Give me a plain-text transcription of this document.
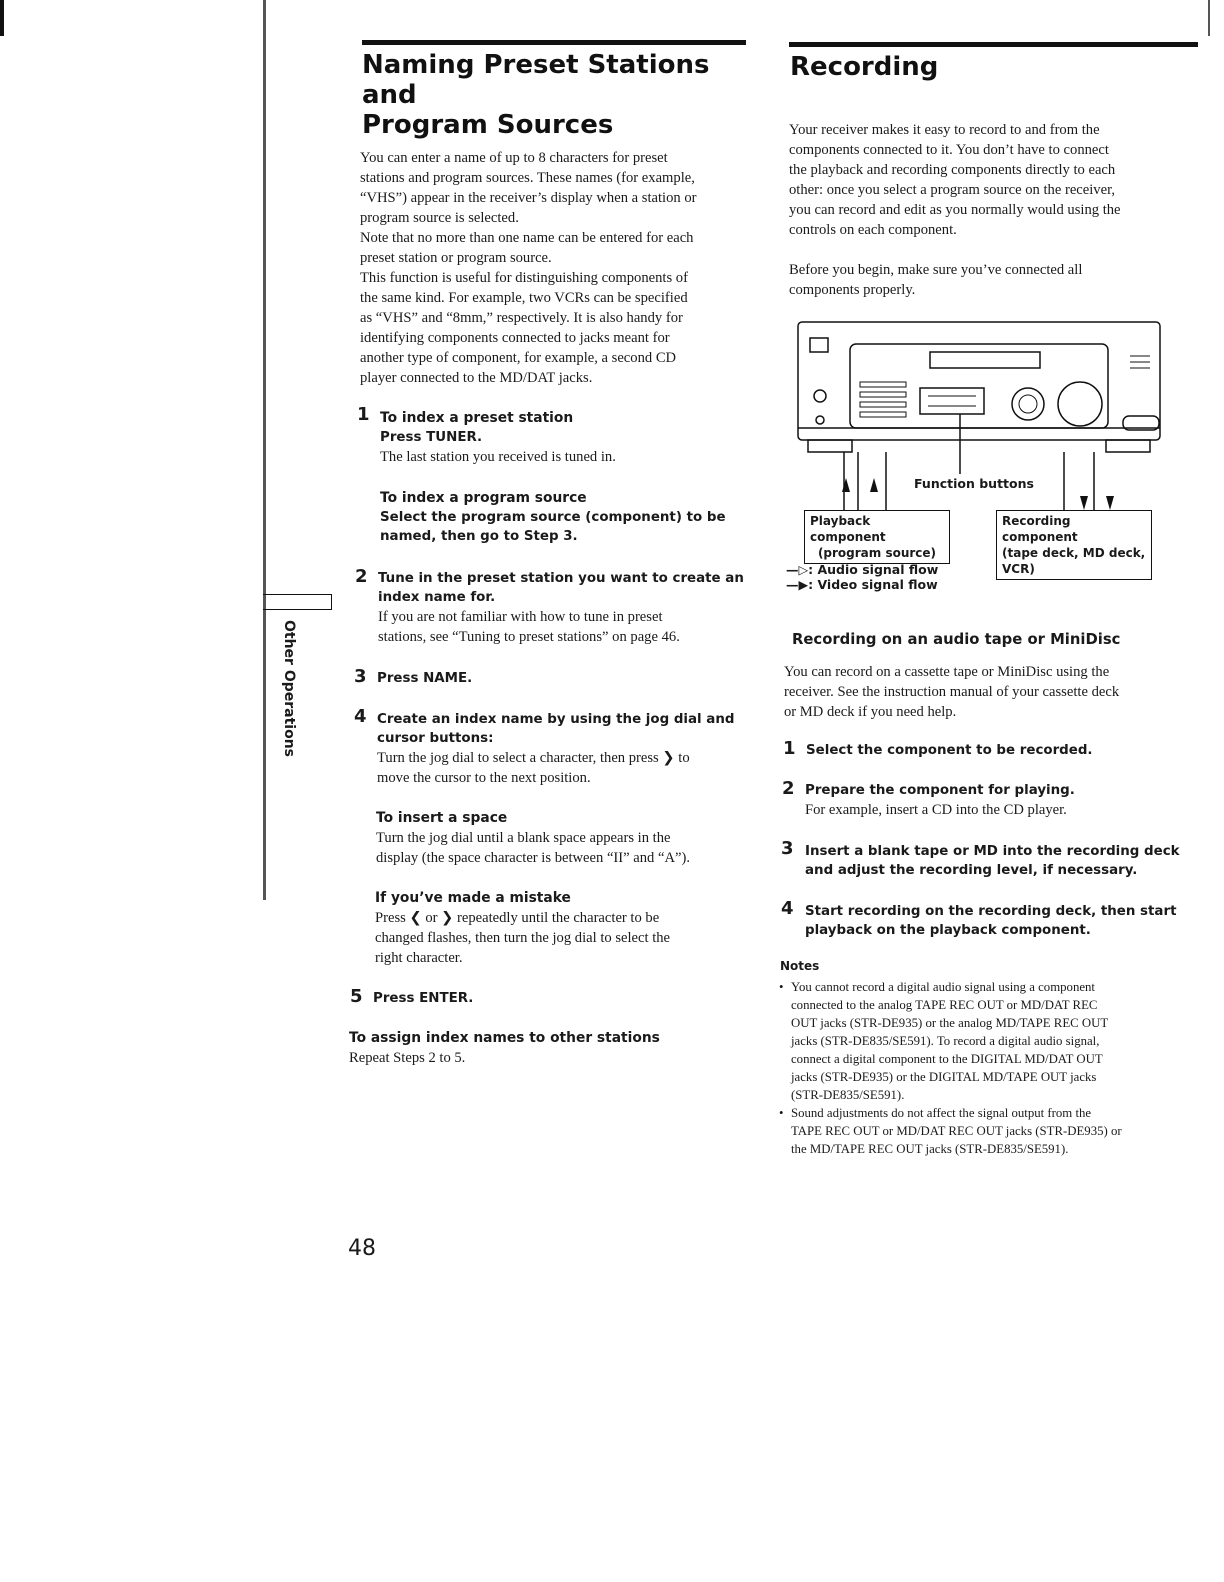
Naming Preset Stations and
Program Sources
You can enter a name of up to 8 characters for preset
stations and program sources. These names (for example,
“VHS”) appear in the receiver’s display when a station or
program source is selected.
Note that no more than one name can be entered for each
preset station or program source.
This function is useful for distinguishing components of
the same kind. For example, two VCRs can be specified
as “VHS” and “8mm,” respectively. It is also handy for
identifying components connected to jacks meant for
another type of component, for example, a second CD
player connected to the MD/DAT jacks.
1 To index a preset station
Press TUNER.
The last station you received is tuned in.
To index a program source
Select the program source (component) to be
named, then go to Step 3.
2 Tune in the preset station you want to create an
index name for.
If you are not familiar with how to tune in preset
stations, see “Tuning to preset stations” on page 46.
3 Press NAME.
4 Create an index name by using the jog dial and
cursor buttons:
Turn the jog dial to select a character, then press ❯ to
move the cursor to the next position.
To insert a space
Turn the jog dial until a blank space appears in the
display (the space character is between “II” and “A”).
If you’ve made a mistake
Press ❮ or ❯ repeatedly until the character to be
changed flashes, then turn the jog dial to select the
right character.
5 Press ENTER.
To assign index names to other stations
Repeat Steps 2 to 5.
Other Operations
48
Recording
Your receiver makes it easy to record to and from the
components connected to it. You don’t have to connect
the playback and recording components directly to each
other: once you select a program source on the receiver,
you can record and edit as you normally would using the
controls on each component.
Before you begin, make sure you’ve connected all
components properly.
Function buttons
Playback component
(program source)
Recording component
(tape deck, MD deck,
VCR)
—▷: Audio signal flow
—▶: Video signal flow
Recording on an audio tape or MiniDisc
You can record on a cassette tape or MiniDisc using the
receiver. See the instruction manual of your cassette deck
or MD deck if you need help.
1 Select the component to be recorded.
2 Prepare the component for playing.
For example, insert a CD into the CD player.
3 Insert a blank tape or MD into the recording deck
and adjust the recording level, if necessary.
4 Start recording on the recording deck, then start
playback on the playback component.
Notes
• You cannot record a digital audio signal using a component
connected to the analog TAPE REC OUT or MD/DAT REC
OUT jacks (STR-DE935) or the analog MD/TAPE REC OUT
jacks (STR-DE835/SE591). To record a digital audio signal,
connect a digital component to the DIGITAL MD/DAT OUT
jacks (STR-DE935) or the DIGITAL MD/TAPE OUT jacks
(STR-DE835/SE591).
• Sound adjustments do not affect the signal output from the
TAPE REC OUT or MD/DAT REC OUT jacks (STR-DE935) or
the MD/TAPE REC OUT jacks (STR-DE835/SE591).
